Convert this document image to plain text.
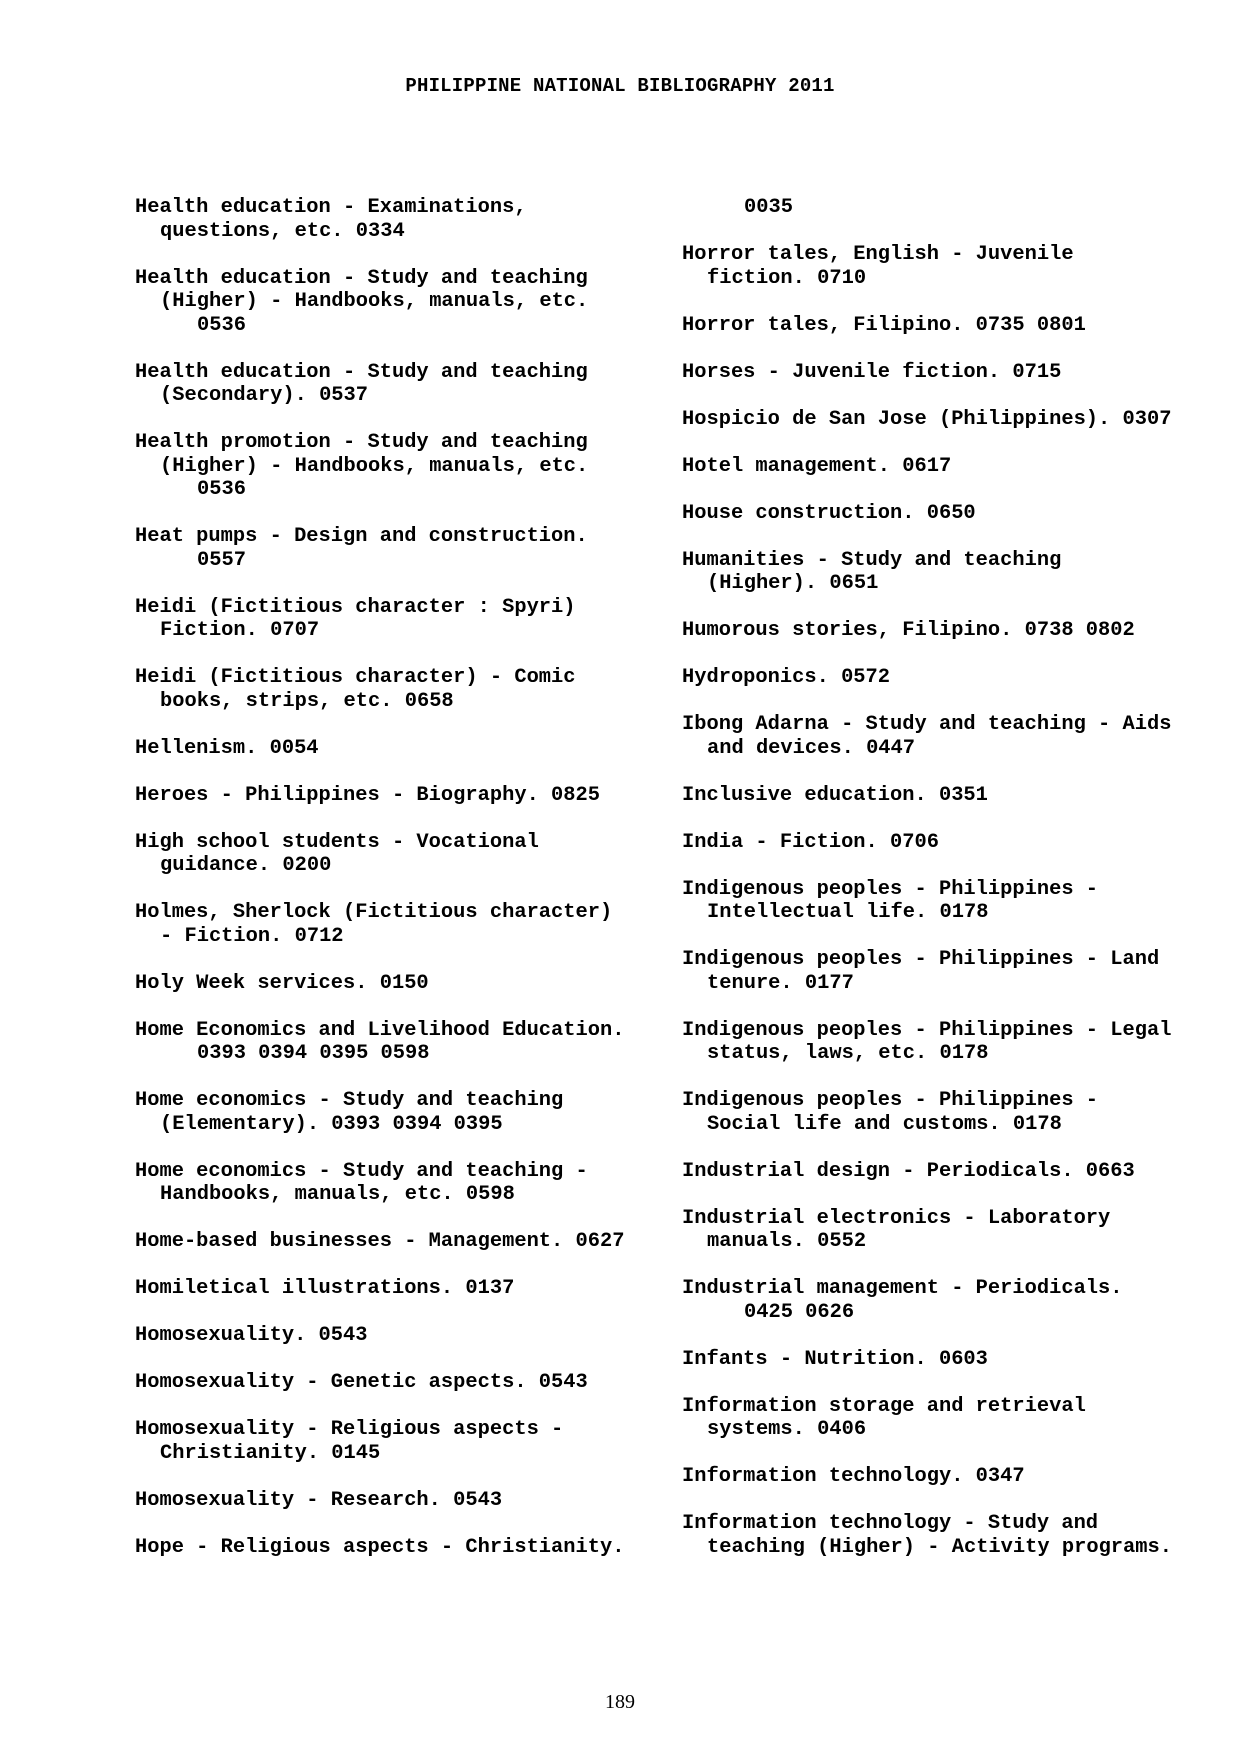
PHILIPPINE NATIONAL BIBLIOGRAPHY 2011
Health education - Examinations,
questions, etc. 0334
Health education - Study and teaching
(Higher) - Handbooks, manuals, etc.
0536
Health education - Study and teaching
(Secondary). 0537
Health promotion - Study and teaching
(Higher) - Handbooks, manuals, etc.
0536
Heat pumps - Design and construction.
0557
Heidi (Fictitious character : Spyri)
Fiction. 0707
Heidi (Fictitious character) - Comic
books, strips, etc. 0658
Hellenism. 0054
Heroes - Philippines - Biography. 0825
High school students - Vocational
guidance. 0200
Holmes, Sherlock (Fictitious character)
- Fiction. 0712
Holy Week services. 0150
Home Economics and Livelihood Education.
0393 0394 0395 0598
Home economics - Study and teaching
(Elementary). 0393 0394 0395
Home economics - Study and teaching -
Handbooks, manuals, etc. 0598
Home-based businesses - Management. 0627
Homiletical illustrations. 0137
Homosexuality. 0543
Homosexuality - Genetic aspects. 0543
Homosexuality - Religious aspects -
Christianity. 0145
Homosexuality - Research. 0543
Hope - Religious aspects - Christianity.
0035
Horror tales, English - Juvenile
fiction. 0710
Horror tales, Filipino. 0735 0801
Horses - Juvenile fiction. 0715
Hospicio de San Jose (Philippines). 0307
Hotel management. 0617
House construction. 0650
Humanities - Study and teaching
(Higher). 0651
Humorous stories, Filipino. 0738 0802
Hydroponics. 0572
Ibong Adarna - Study and teaching - Aids
and devices. 0447
Inclusive education. 0351
India - Fiction. 0706
Indigenous peoples - Philippines -
Intellectual life. 0178
Indigenous peoples - Philippines - Land
tenure. 0177
Indigenous peoples - Philippines - Legal
status, laws, etc. 0178
Indigenous peoples - Philippines -
Social life and customs. 0178
Industrial design - Periodicals. 0663
Industrial electronics - Laboratory
manuals. 0552
Industrial management - Periodicals.
0425 0626
Infants - Nutrition. 0603
Information storage and retrieval
systems. 0406
Information technology. 0347
Information technology - Study and
teaching (Higher) - Activity programs.
189
